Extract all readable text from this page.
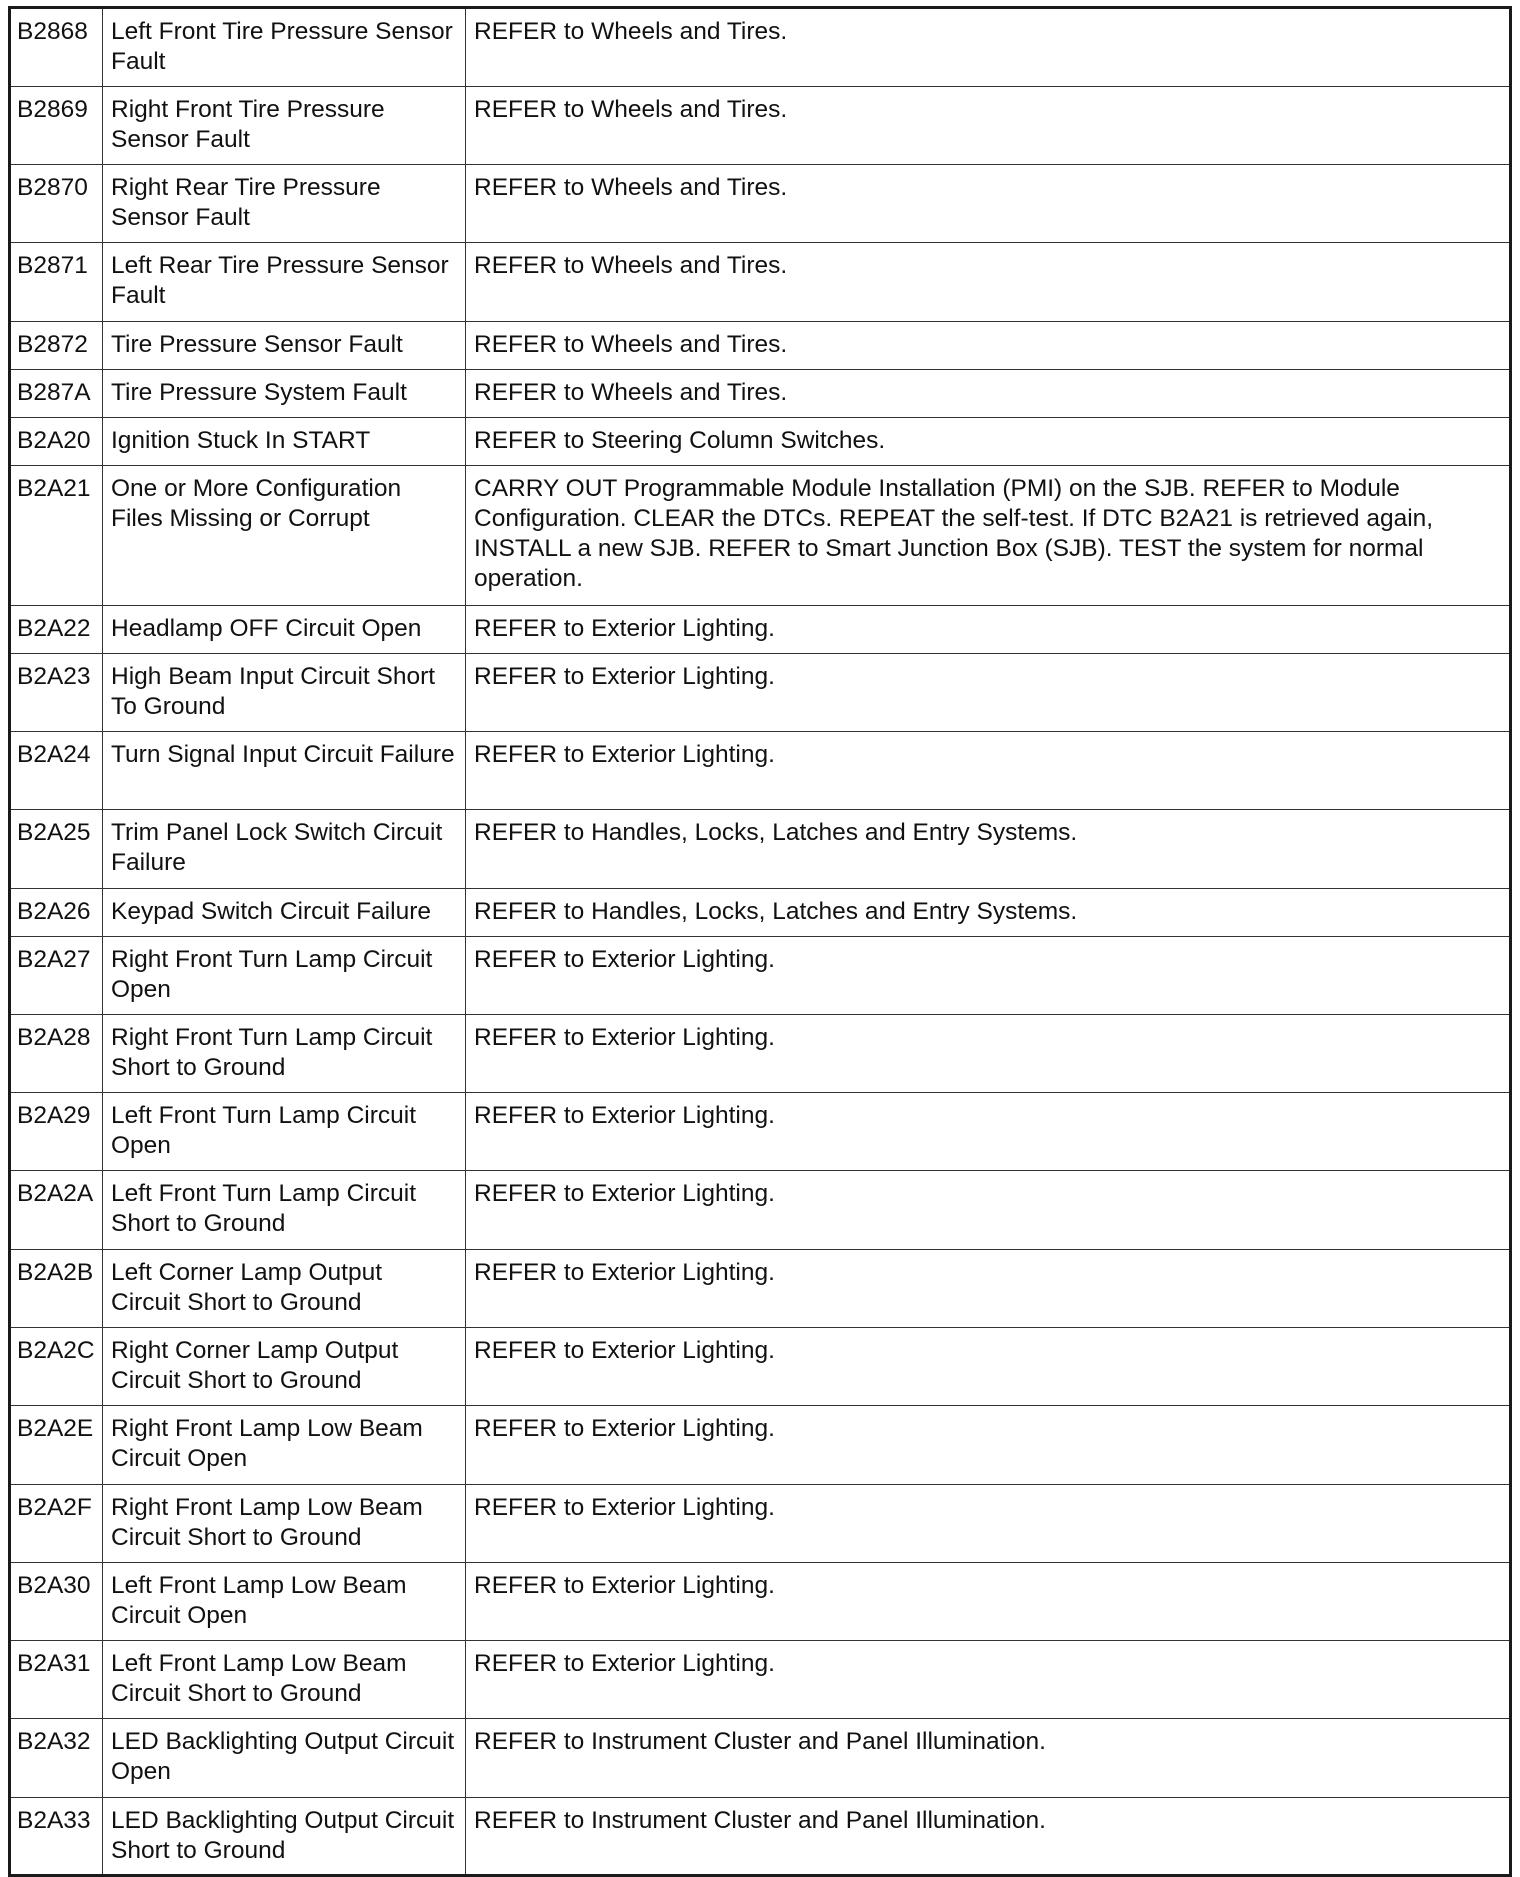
B2868	Left Front Tire Pressure Sensor Fault	REFER to Wheels and Tires.
B2869	Right Front Tire Pressure Sensor Fault	REFER to Wheels and Tires.
B2870	Right Rear Tire Pressure Sensor Fault	REFER to Wheels and Tires.
B2871	Left Rear Tire Pressure Sensor Fault	REFER to Wheels and Tires.
B2872	Tire Pressure Sensor Fault	REFER to Wheels and Tires.
B287A	Tire Pressure System Fault	REFER to Wheels and Tires.
B2A20	Ignition Stuck In START	REFER to Steering Column Switches.
B2A21	One or More Configuration Files Missing or Corrupt	CARRY OUT Programmable Module Installation (PMI) on the SJB. REFER to Module Configuration. CLEAR the DTCs. REPEAT the self-test. If DTC B2A21 is retrieved again, INSTALL a new SJB. REFER to Smart Junction Box (SJB). TEST the system for normal operation.
B2A22	Headlamp OFF Circuit Open	REFER to Exterior Lighting.
B2A23	High Beam Input Circuit Short To Ground	REFER to Exterior Lighting.
B2A24	Turn Signal Input Circuit Failure	REFER to Exterior Lighting.
B2A25	Trim Panel Lock Switch Circuit Failure	REFER to Handles, Locks, Latches and Entry Systems.
B2A26	Keypad Switch Circuit Failure	REFER to Handles, Locks, Latches and Entry Systems.
B2A27	Right Front Turn Lamp Circuit Open	REFER to Exterior Lighting.
B2A28	Right Front Turn Lamp Circuit Short to Ground	REFER to Exterior Lighting.
B2A29	Left Front Turn Lamp Circuit Open	REFER to Exterior Lighting.
B2A2A	Left Front Turn Lamp Circuit Short to Ground	REFER to Exterior Lighting.
B2A2B	Left Corner Lamp Output Circuit Short to Ground	REFER to Exterior Lighting.
B2A2C	Right Corner Lamp Output Circuit Short to Ground	REFER to Exterior Lighting.
B2A2E	Right Front Lamp Low Beam Circuit Open	REFER to Exterior Lighting.
B2A2F	Right Front Lamp Low Beam Circuit Short to Ground	REFER to Exterior Lighting.
B2A30	Left Front Lamp Low Beam Circuit Open	REFER to Exterior Lighting.
B2A31	Left Front Lamp Low Beam Circuit Short to Ground	REFER to Exterior Lighting.
B2A32	LED Backlighting Output Circuit Open	REFER to Instrument Cluster and Panel Illumination.
B2A33	LED Backlighting Output Circuit Short to Ground	REFER to Instrument Cluster and Panel Illumination.
